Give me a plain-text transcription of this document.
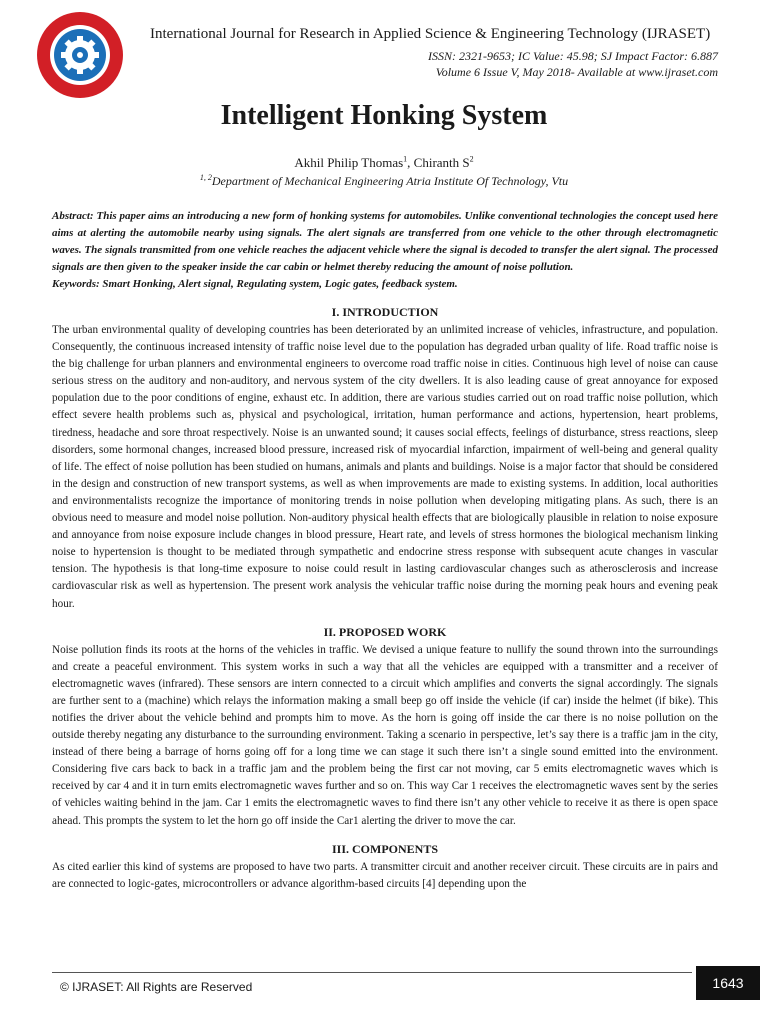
International Journal for Research in Applied Science & Engineering Technology (IJRASET)
ISSN: 2321-9653; IC Value: 45.98; SJ Impact Factor: 6.887
Volume 6 Issue V, May 2018- Available at www.ijraset.com
Intelligent Honking System
Akhil Philip Thomas$^1$, Chiranth $S^2$
$^{1, 2}$Department of Mechanical Engineering Atria Institute Of Technology, Vtu

Abstract: This paper aims an introducing a new form of honking systems for automobiles. Unlike conventional technologies the concept used here aims at alerting the automobile nearby using signals. The alert signals are transferred from one vehicle to the other through electromagnetic waves. The signals transmitted from one vehicle reaches the adjacent vehicle where the signal is decoded to transfer the alert signal. The processed signals are then given to the speaker inside the car cabin or helmet thereby reducing the amount of noise pollution.

Keywords: Smart Honking, Alert signal, Regulating system, Logic gates, feedback system.

I. INTRODUCTION

The urban environmental quality of developing countries has been deteriorated by an unlimited increase of vehicles, infrastructure, and population. Consequently, the continuous increased intensity of traffic noise level due to the population has degraded urban quality of life. Road traffic noise is the big challenge for urban planners and environmental engineers to overcome road traffic noise in cities. Continuous high level of noise can cause serious stress on the auditory and non-auditory, and nervous system of the city dwellers. It is also leading cause of great annoyance for exposed population due to the poor conditions of engine, exhaust etc. In addition, there are various studies carried out on road traffic noise pollution, which effect severe health problems such as, physical and psychological, irritation, human performance and actions, hypertension, heart problems, tiredness, headache and sore throat respectively. Noise is an unwanted sound; it causes social effects, feelings of disturbance, stress reactions, sleep disorders, some hormonal changes, increased blood pressure, increased risk of myocardial infarction, impairment of well-being and general quality of life. The effect of noise pollution has been studied on humans, animals and plants and buildings. Noise is a major factor that should be considered in the design and construction of new transport systems, as well as when improvements are made to existing systems. In addition, local authorities and environmentalists recognize the importance of monitoring trends in noise pollution when developing mitigating plans. As such, there is an obvious need to measure and model noise pollution. Non-auditory physical health effects that are biologically plausible in relation to noise exposure and annoyance from noise exposure include changes in blood pressure, Heart rate, and levels of stress hormones the biological mechanism linking noise to hypertension is thought to be mediated through sympathetic and endocrine stress response with subsequent acute changes in vascular tension. The hypothesis is that long-time exposure to noise could result in lasting cardiovascular changes such as atherosclerosis and increase cardiovascular risk as well as hypertension. The present work analysis the vehicular traffic noise during the morning peak hours and evening peak hour.

II. PROPOSED WORK

Noise pollution finds its roots at the horns of the vehicles in traffic. We devised a unique feature to nullify the sound thrown into the surroundings and create a peaceful environment. This system works in such a way that all the vehicles are equipped with a transmitter and a receiver of electromagnetic waves (infrared). These sensors are intern connected to a circuit which amplifies and converts the signal accordingly. The signals are further sent to a (machine) which relays the information making a small beep go off inside the vehicle (if car) inside the helmet (if bike). This notifies the driver about the vehicle behind and prompts him to move. As the horn is going off inside the car there is no noise pollution on the outside thereby negating any disturbance to the surrounding environment. Taking a scenario in perspective, let’s say there is a traffic jam in the city, instead of there being a barrage of horns going off for a long time we can stage it such there isn’t a single sound emitted into the environment. Considering five cars back to back in a traffic jam and the problem being the first car not moving, car 5 emits electromagnetic waves which is received by car 4 and it in turn emits electromagnetic waves further and so on. This way Car 1 receives the electromagnetic waves sent by the series of vehicles waiting behind in the jam. Car 1 emits the electromagnetic waves to find there isn’t any other vehicle to receive it as there is open space ahead. This prompts the system to let the horn go off inside the Car1 alerting the driver to move the car.

III. COMPONENTS

As cited earlier this kind of systems are proposed to have two parts. A transmitter circuit and another receiver circuit. These circuits are in pairs and are connected to logic-gates, microcontrollers or advance algorithm-based circuits [4] depending upon the

© IJRASET: All Rights are Reserved	1643
